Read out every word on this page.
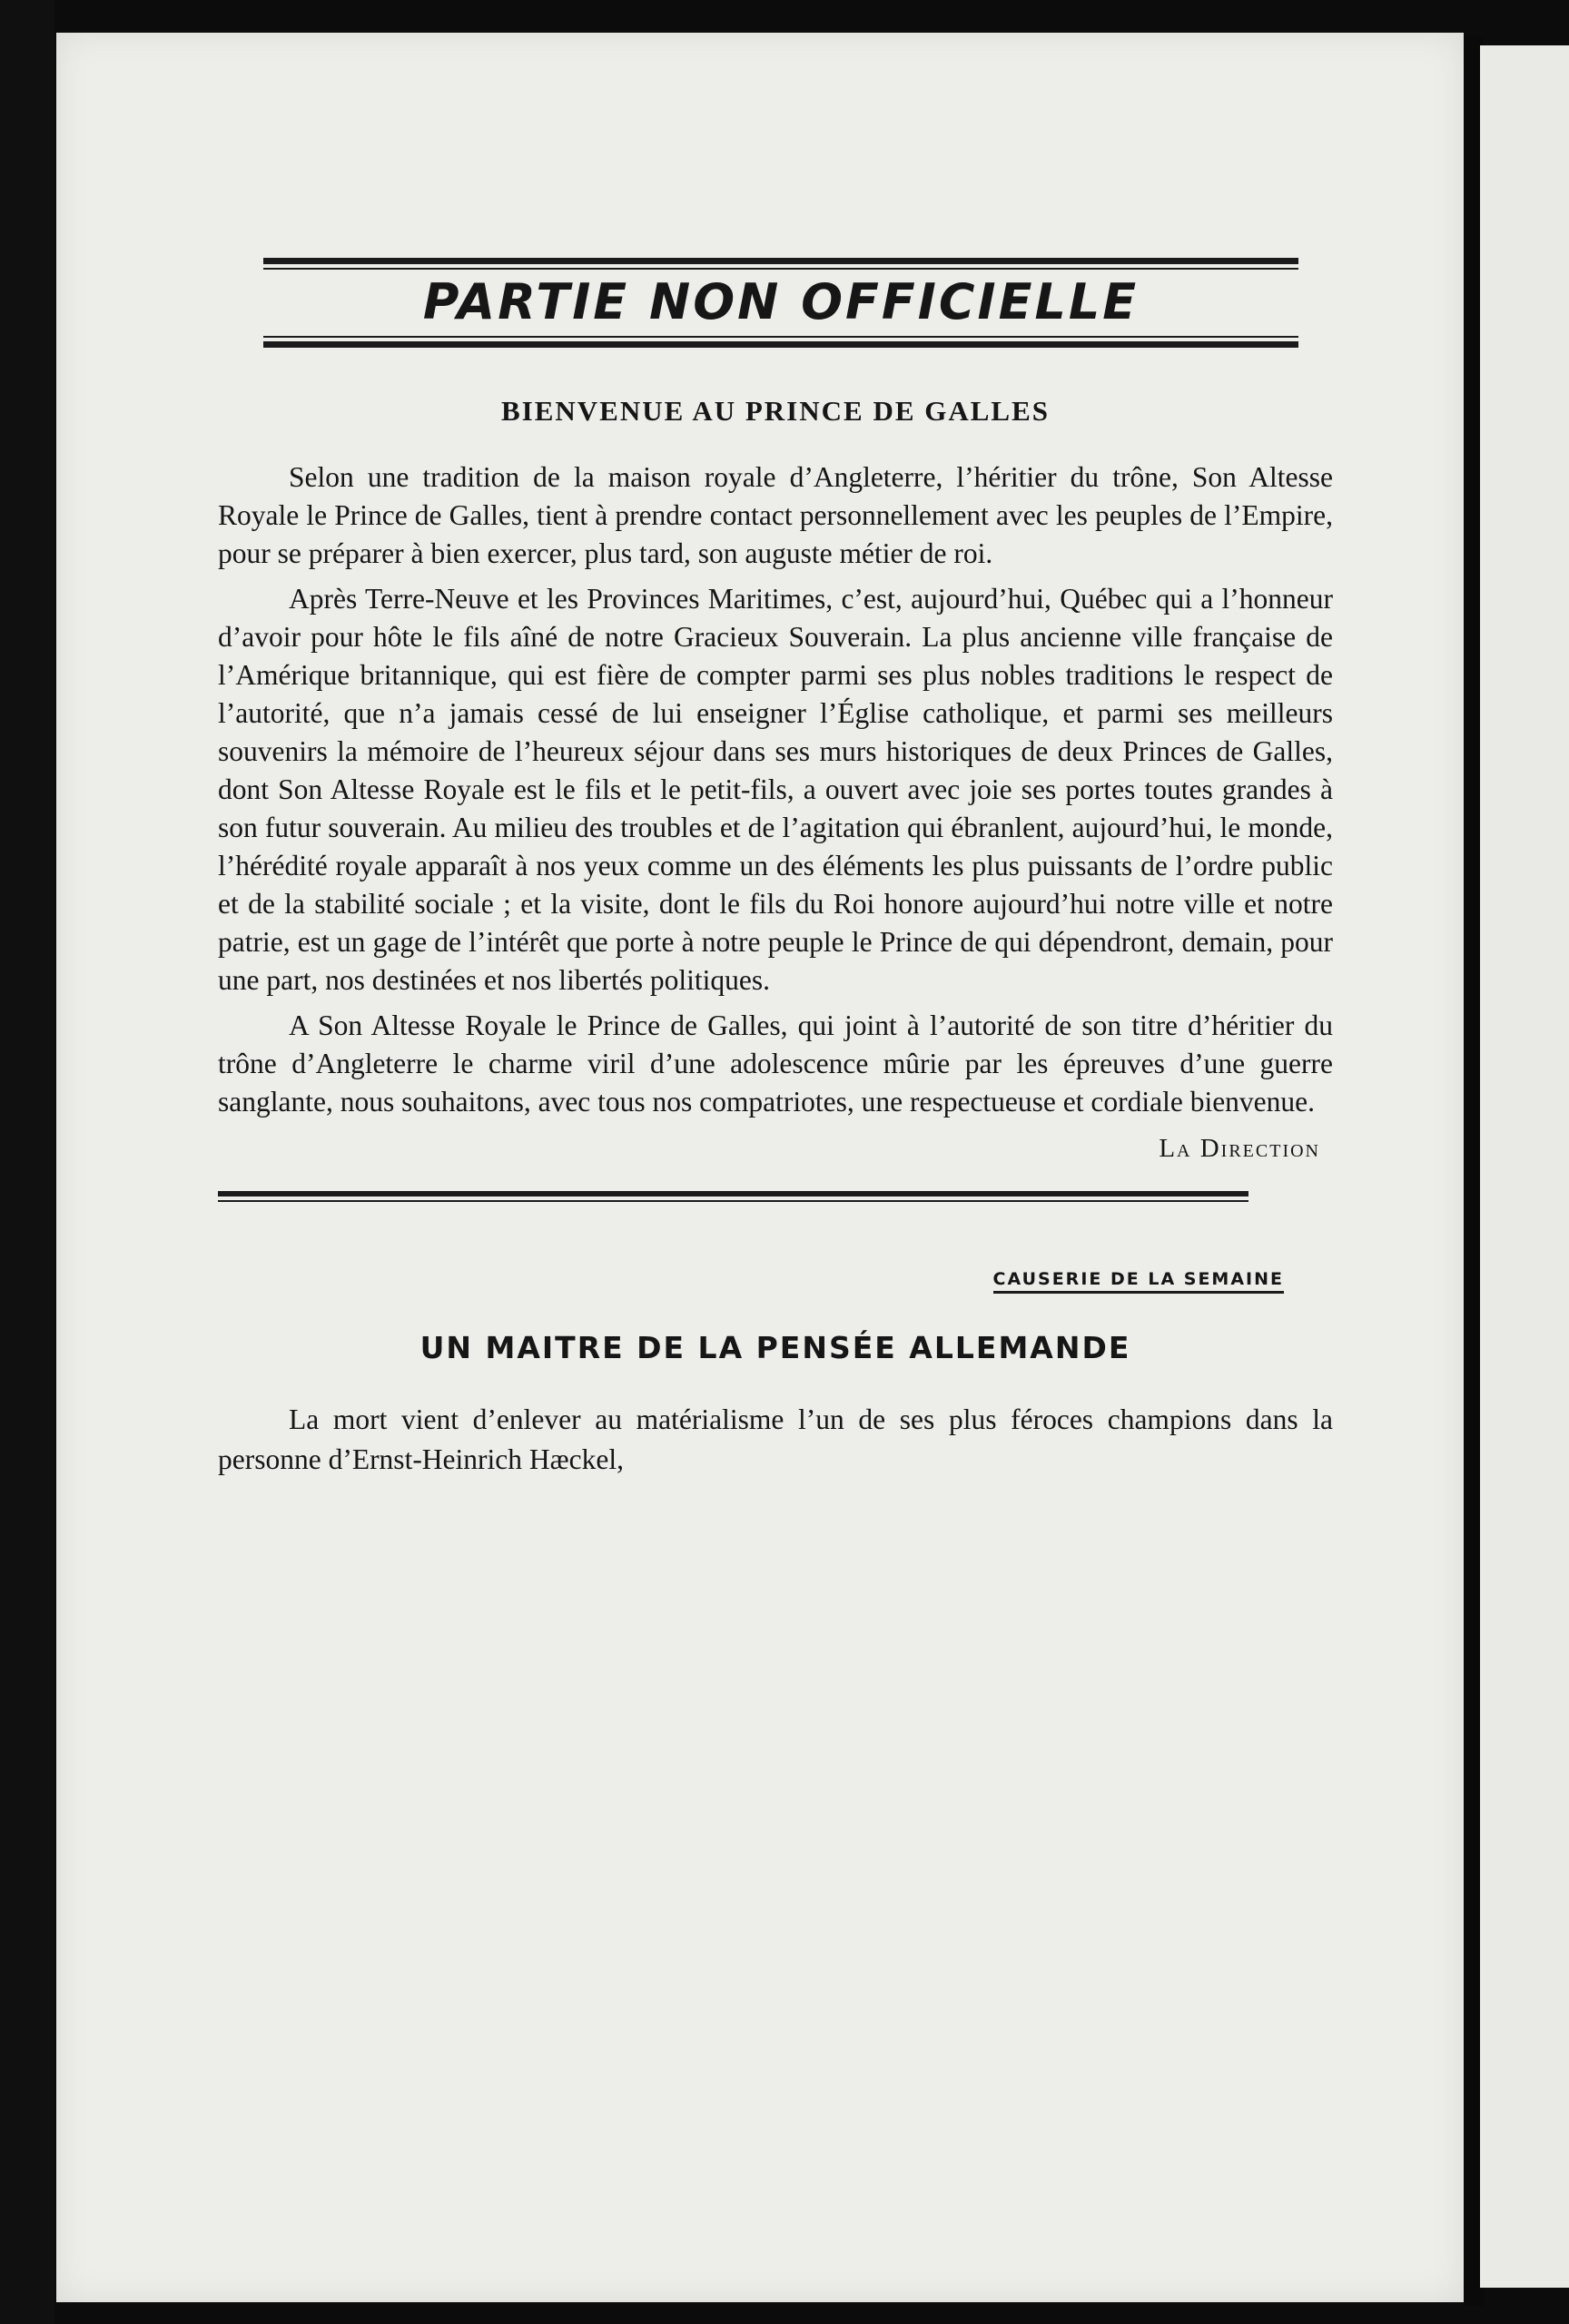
PARTIE NON OFFICIELLE
BIENVENUE AU PRINCE DE GALLES

Selon une tradition de la maison royale d’Angleterre, l’héritier du trône, Son Altesse Royale le Prince de Galles, tient à prendre contact personnellement avec les peuples de l’Empire, pour se préparer à bien exercer, plus tard, son auguste métier de roi.

Après Terre-Neuve et les Provinces Maritimes, c’est, aujourd’hui, Québec qui a l’honneur d’avoir pour hôte le fils aîné de notre Gracieux Souverain. La plus ancienne ville française de l’Amérique britannique, qui est fière de compter parmi ses plus nobles traditions le respect de l’autorité, que n’a jamais cessé de lui enseigner l’Église catholique, et parmi ses meilleurs souvenirs la mémoire de l’heureux séjour dans ses murs historiques de deux Princes de Galles, dont Son Altesse Royale est le fils et le petit-fils, a ouvert avec joie ses portes toutes grandes à son futur souverain. Au milieu des troubles et de l’agitation qui ébranlent, aujourd’hui, le monde, l’hérédité royale apparaît à nos yeux comme un des éléments les plus puissants de l’ordre public et de la stabilité sociale ; et la visite, dont le fils du Roi honore aujourd’hui notre ville et notre patrie, est un gage de l’intérêt que porte à notre peuple le Prince de qui dépendront, demain, pour une part, nos destinées et nos libertés politiques.

A Son Altesse Royale le Prince de Galles, qui joint à l’autorité de son titre d’héritier du trône d’Angleterre le charme viril d’une adolescence mûrie par les épreuves d’une guerre sanglante, nous souhaitons, avec tous nos compatriotes, une respectueuse et cordiale bienvenue.

La Direction
CAUSERIE DE LA SEMAINE
UN MAITRE DE LA PENSÉE ALLEMANDE

La mort vient d’enlever au matérialisme l’un de ses plus féroces champions dans la personne d’Ernst-Heinrich Hæckel,
